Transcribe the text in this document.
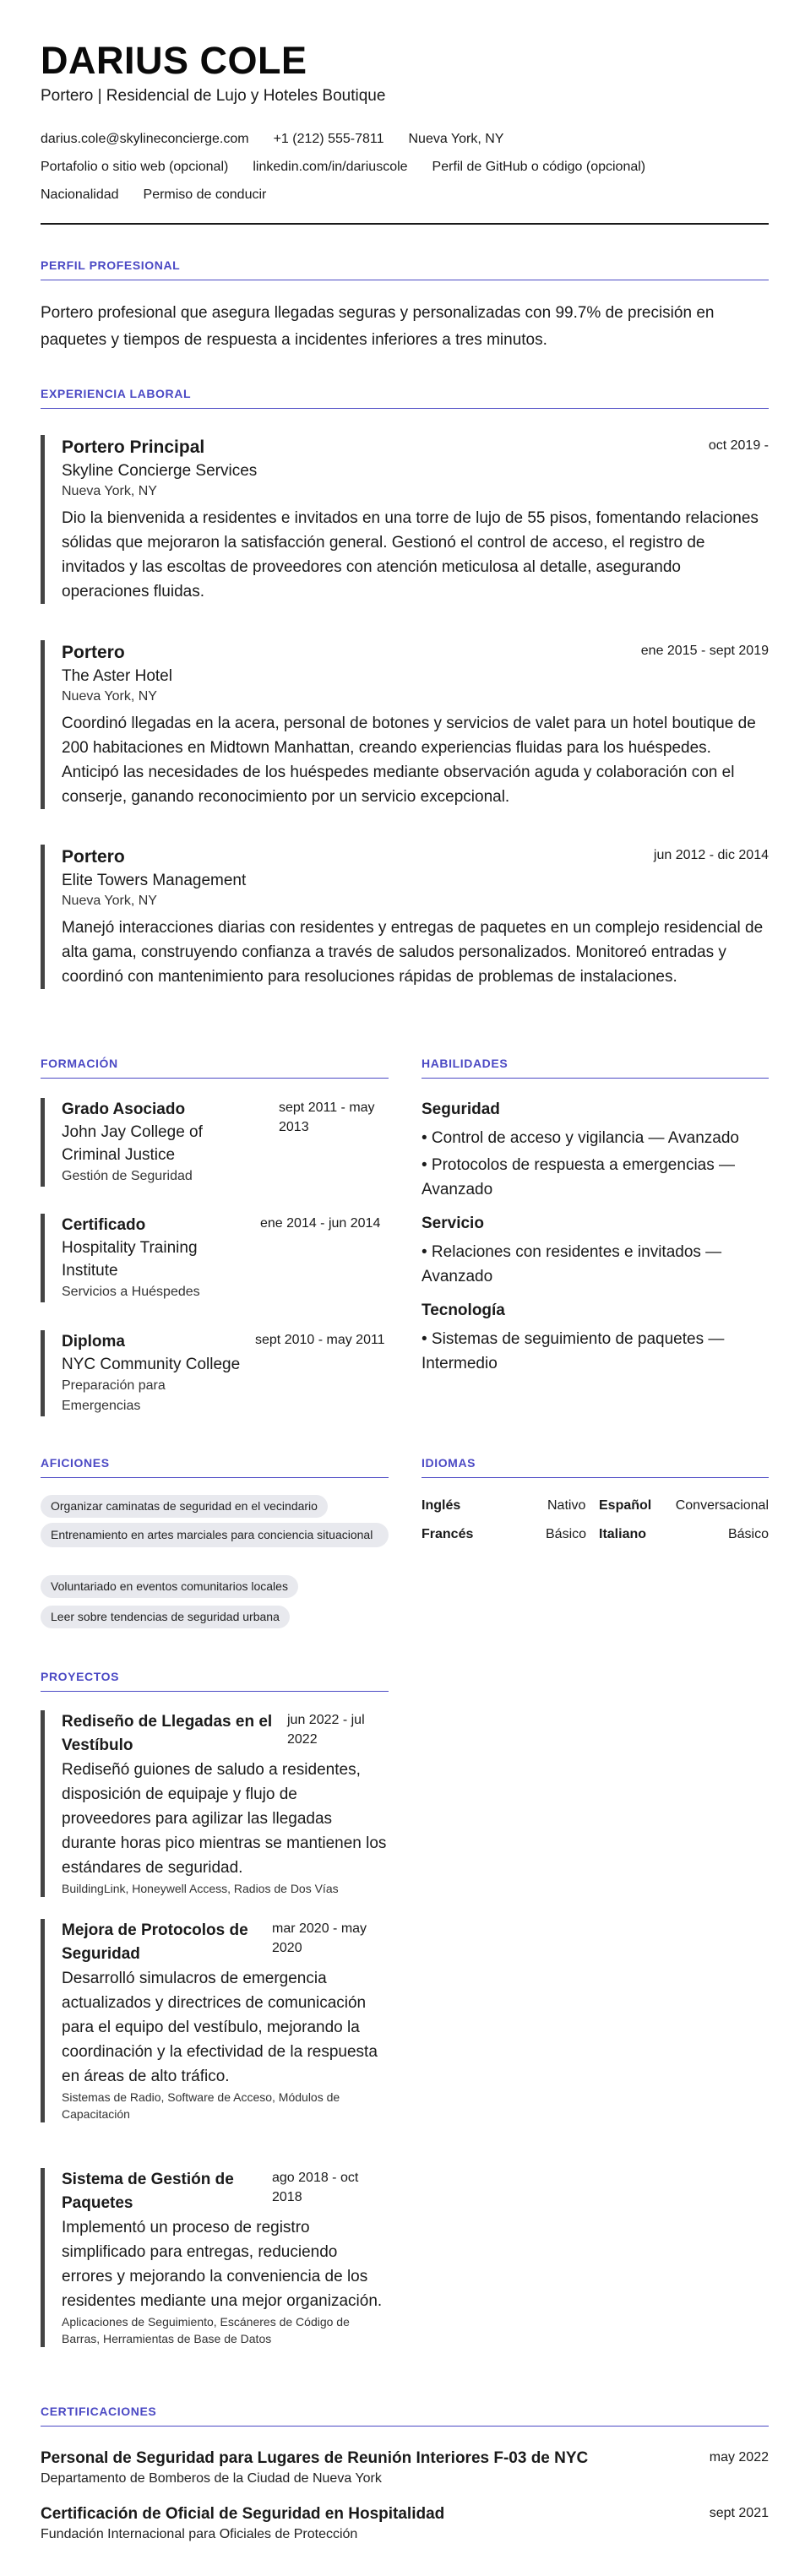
DARIUS COLE
Portero | Residencial de Lujo y Hoteles Boutique
darius.cole@skylineconcierge.com +1 (212) 555-7811 Nueva York, NY
Portafolio o sitio web (opcional) linkedin.com/in/dariuscole Perfil de GitHub o código (opcional)
Nacionalidad Permiso de conducir
PERFIL PROFESIONAL
Portero profesional que asegura llegadas seguras y personalizadas con 99.7% de precisión en paquetes y tiempos de respuesta a incidentes inferiores a tres minutos.
EXPERIENCIA LABORAL
Portero Principal	oct 2019 -
Skyline Concierge Services
Nueva York, NY
Dio la bienvenida a residentes e invitados en una torre de lujo de 55 pisos, fomentando relaciones sólidas que mejoraron la satisfacción general. Gestionó el control de acceso, el registro de invitados y las escoltas de proveedores con atención meticulosa al detalle, asegurando operaciones fluidas.
Portero	ene 2015 - sept 2019
The Aster Hotel
Nueva York, NY
Coordinó llegadas en la acera, personal de botones y servicios de valet para un hotel boutique de 200 habitaciones en Midtown Manhattan, creando experiencias fluidas para los huéspedes. Anticipó las necesidades de los huéspedes mediante observación aguda y colaboración con el conserje, ganando reconocimiento por un servicio excepcional.
Portero	jun 2012 - dic 2014
Elite Towers Management
Nueva York, NY
Manejó interacciones diarias con residentes y entregas de paquetes en un complejo residencial de alta gama, construyendo confianza a través de saludos personalizados. Monitoreó entradas y coordinó con mantenimiento para resoluciones rápidas de problemas de instalaciones.
FORMACIÓN
sept 2011 - may 2013
Grado Asociado
John Jay College of Criminal Justice
Gestión de Seguridad
ene 2014 - jun 2014
Certificado
Hospitality Training Institute
Servicios a Huéspedes
sept 2010 - may 2011
Diploma
NYC Community College
Preparación para Emergencias
HABILIDADES
Seguridad
• Control de acceso y vigilancia — Avanzado
• Protocolos de respuesta a emergencias — Avanzado
Servicio
• Relaciones con residentes e invitados — Avanzado
Tecnología
• Sistemas de seguimiento de paquetes — Intermedio
AFICIONES
Organizar caminatas de seguridad en el vecindario
Entrenamiento en artes marciales para conciencia situacional
Voluntariado en eventos comunitarios locales
Leer sobre tendencias de seguridad urbana
IDIOMAS
Inglés	Nativo Español Conversacional
Francés	Básico Italiano	Básico
PROYECTOS
jun 2022 - jul 2022
Rediseño de Llegadas en el Vestíbulo
Rediseñó guiones de saludo a residentes, disposición de equipaje y flujo de proveedores para agilizar las llegadas durante horas pico mientras se mantienen los estándares de seguridad.
BuildingLink, Honeywell Access, Radios de Dos Vías
mar 2020 - may 2020
Mejora de Protocolos de Seguridad
Desarrolló simulacros de emergencia actualizados y directrices de comunicación para el equipo del vestíbulo, mejorando la coordinación y la efectividad de la respuesta en áreas de alto tráfico.
Sistemas de Radio, Software de Acceso, Módulos de Capacitación
ago 2018 - oct 2018
Sistema de Gestión de Paquetes
Implementó un proceso de registro simplificado para entregas, reduciendo errores y mejorando la conveniencia de los residentes mediante una mejor organización.
Aplicaciones de Seguimiento, Escáneres de Código de Barras, Herramientas de Base de Datos
CERTIFICACIONES
Personal de Seguridad para Lugares de Reunión Interiores F-03 de NYC
Departamento de Bomberos de la Ciudad de Nueva York
may 2022
Certificación de Oficial de Seguridad en Hospitalidad
Fundación Internacional para Oficiales de Protección
sept 2021
